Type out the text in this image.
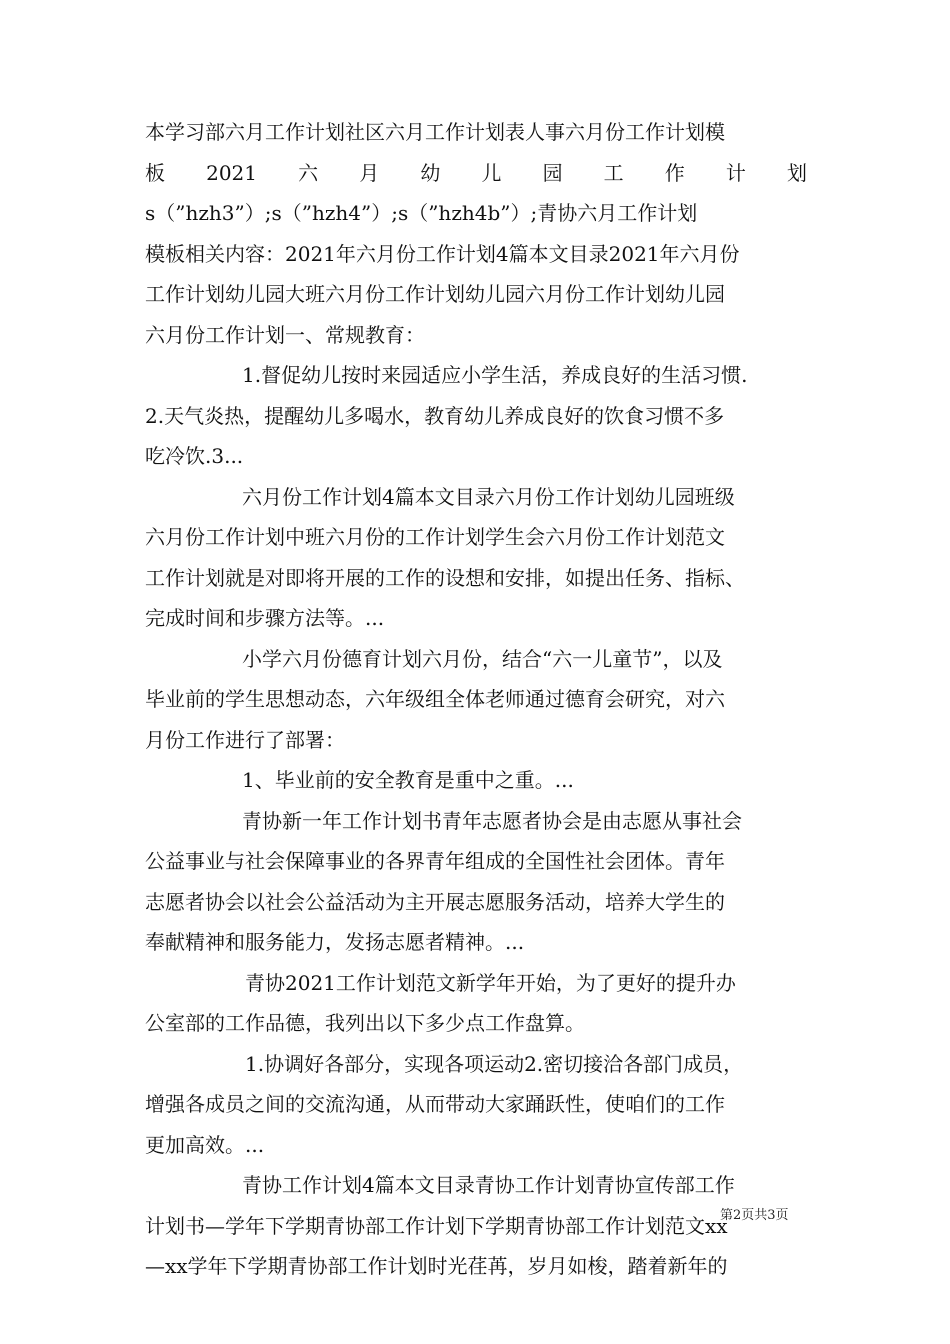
本学习部六月工作计划社区六月工作计划表人事六月份工作计划模
板 2021 六 月 幼 儿 园 工 作 计 划
s（”hzh3”）;s（”hzh4”）;s（”hzh4b”）;青协六月工作计划
模板相关内容：2021年六月份工作计划4篇本文目录2021年六月份
工作计划幼儿园大班六月份工作计划幼儿园六月份工作计划幼儿园
六月份工作计划一、常规教育：
1.督促幼儿按时来园适应小学生活，养成良好的生活习惯.
2.天气炎热，提醒幼儿多喝水，教育幼儿养成良好的饮食习惯不多
吃冷饮.3...
六月份工作计划4篇本文目录六月份工作计划幼儿园班级
六月份工作计划中班六月份的工作计划学生会六月份工作计划范文
工作计划就是对即将开展的工作的设想和安排，如提出任务、指标、
完成时间和步骤方法等。...
小学六月份德育计划六月份，结合“六一儿童节”，以及
毕业前的学生思想动态，六年级组全体老师通过德育会研究，对六
月份工作进行了部署：
1、毕业前的安全教育是重中之重。...
青协新一年工作计划书青年志愿者协会是由志愿从事社会
公益事业与社会保障事业的各界青年组成的全国性社会团体。青年
志愿者协会以社会公益活动为主开展志愿服务活动，培养大学生的
奉献精神和服务能力，发扬志愿者精神。...
青协2021工作计划范文新学年开始，为了更好的提升办
公室部的工作品德，我列出以下多少点工作盘算。
1.协调好各部分，实现各项运动2.密切接洽各部门成员，
增强各成员之间的交流沟通，从而带动大家踊跃性，使咱们的工作
更加高效。...
青协工作计划4篇本文目录青协工作计划青协宣传部工作
计划书—学年下学期青协部工作计划下学期青协部工作计划范文xx
—xx学年下学期青协部工作计划时光荏苒，岁月如梭，踏着新年的
第2页共3页
